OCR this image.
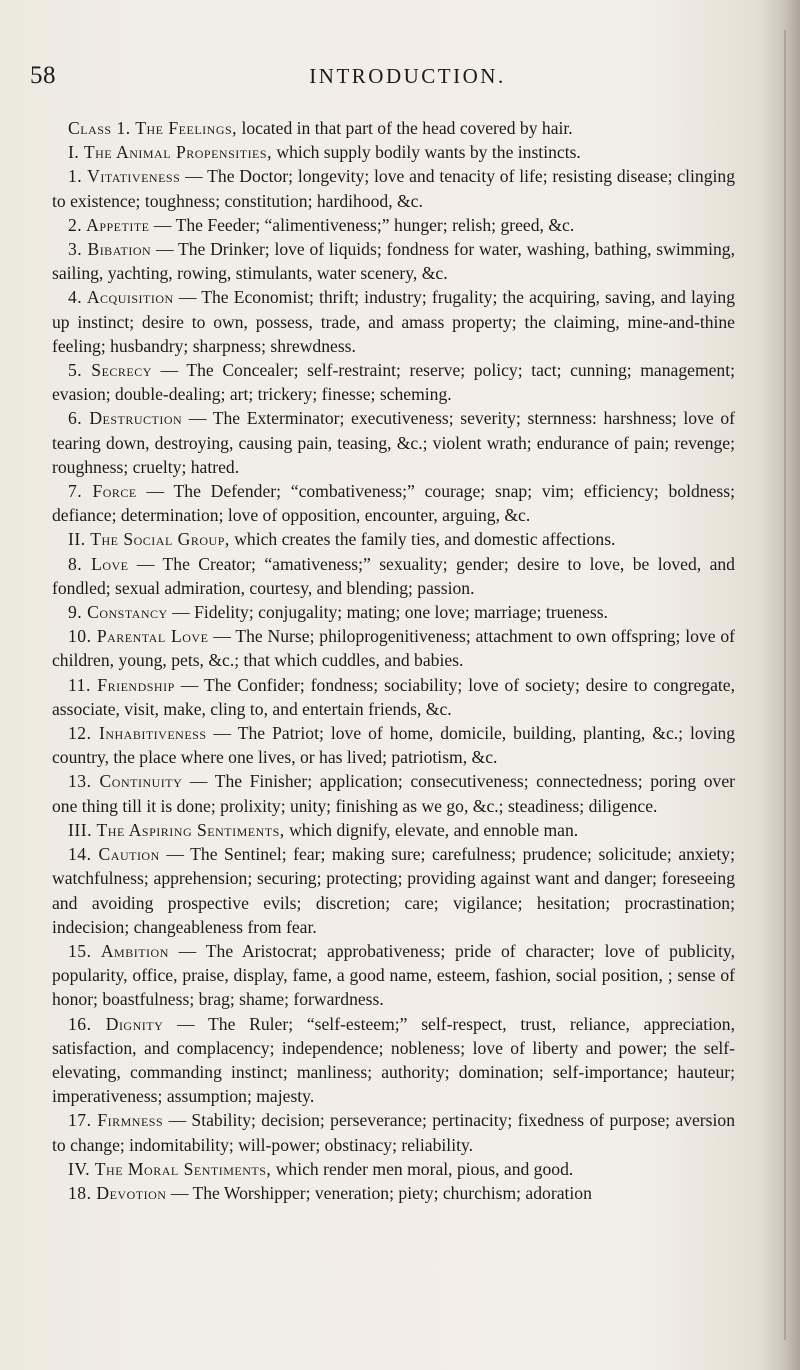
58	INTRODUCTION.

Class 1. The Feelings, located in that part of the head covered by hair.

I. The Animal Propensities, which supply bodily wants by the instincts.

1. Vitativeness — The Doctor; longevity; love and tenacity of life; resisting disease; clinging to existence; toughness; constitution; hardihood, &c.

2. Appetite — The Feeder; “alimentiveness;” hunger; relish; greed, &c.

3. Bibation — The Drinker; love of liquids; fondness for water, washing, bathing, swimming, sailing, yachting, rowing, stimulants, water scenery, &c.

4. Acquisition — The Economist; thrift; industry; frugality; the acquiring, saving, and laying up instinct; desire to own, possess, trade, and amass property; the claiming, mine-and-thine feeling; husbandry; sharpness; shrewdness.

5. Secrecy — The Concealer; self-restraint; reserve; policy; tact; cunning; management; evasion; double-dealing; art; trickery; finesse; scheming.

6. Destruction — The Exterminator; executiveness; severity; sternness: harshness; love of tearing down, destroying, causing pain, teasing, &c.; violent wrath; endurance of pain; revenge; roughness; cruelty; hatred.

7. Force — The Defender; “combativeness;” courage; snap; vim; efficiency; boldness; defiance; determination; love of opposition, encounter, arguing, &c.

II. The Social Group, which creates the family ties, and domestic affections.

8. Love — The Creator; “amativeness;” sexuality; gender; desire to love, be loved, and fondled; sexual admiration, courtesy, and blending; passion.

9. Constancy — Fidelity; conjugality; mating; one love; marriage; trueness.

10. Parental Love — The Nurse; philoprogenitiveness; attachment to own offspring; love of children, young, pets, &c.; that which cuddles, and babies.

11. Friendship — The Confider; fondness; sociability; love of society; desire to congregate, associate, visit, make, cling to, and entertain friends, &c.

12. Inhabitiveness — The Patriot; love of home, domicile, building, planting, &c.; loving country, the place where one lives, or has lived; patriotism, &c.

13. Continuity — The Finisher; application; consecutiveness; connectedness; poring over one thing till it is done; prolixity; unity; finishing as we go, &c.; steadiness; diligence.

III. The Aspiring Sentiments, which dignify, elevate, and ennoble man.

14. Caution — The Sentinel; fear; making sure; carefulness; prudence; solicitude; anxiety; watchfulness; apprehension; securing; protecting; providing against want and danger; foreseeing and avoiding prospective evils; discretion; care; vigilance; hesitation; procrastination; indecision; changeableness from fear.

15. Ambition — The Aristocrat; approbativeness; pride of character; love of publicity, popularity, office, praise, display, fame, a good name, esteem, fashion, social position, ; sense of honor; boastfulness; brag; shame; forwardness.

16. Dignity — The Ruler; “self-esteem;” self-respect, trust, reliance, appreciation, satisfaction, and complacency; independence; nobleness; love of liberty and power; the self-elevating, commanding instinct; manliness; authority; domination; self-importance; hauteur; imperativeness; assumption; majesty.

17. Firmness — Stability; decision; perseverance; pertinacity; fixedness of purpose; aversion to change; indomitability; will-power; obstinacy; reliability.

IV. The Moral Sentiments, which render men moral, pious, and good.

18. Devotion — The Worshipper; veneration; piety; churchism; adoration
